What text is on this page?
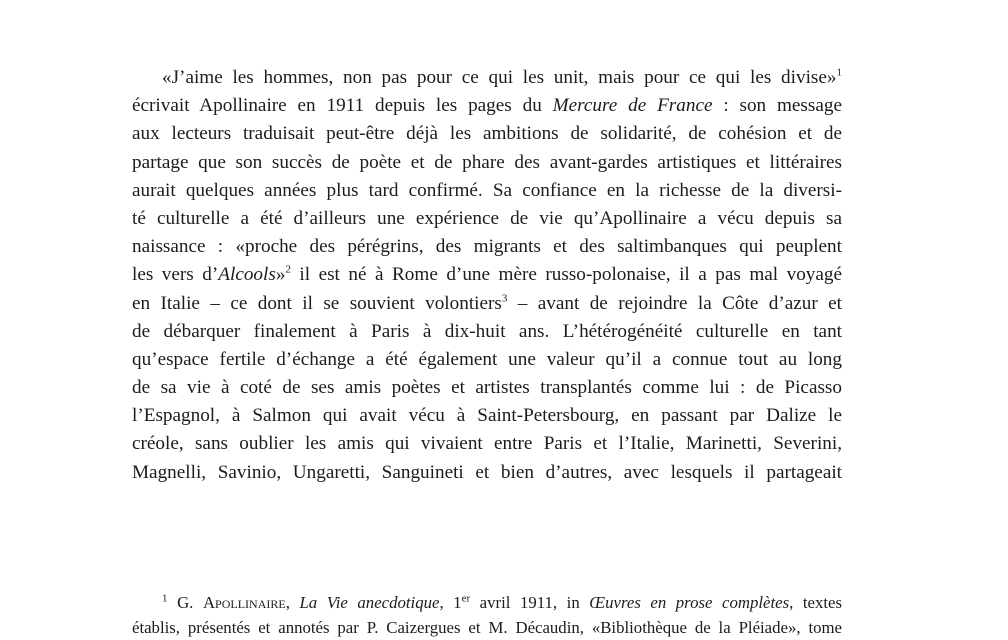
«J’aime les hommes, non pas pour ce qui les unit, mais pour ce qui les divise»$^1$
écrivait Apollinaire en 1911 depuis les pages du Mercure de France : son message
aux lecteurs traduisait peut-être déjà les ambitions de solidarité, de cohésion et de
partage que son succès de poète et de phare des avant-gardes artistiques et littéraires
aurait quelques années plus tard confirmé. Sa confiance en la richesse de la diversi-
té culturelle a été d’ailleurs une expérience de vie qu’Apollinaire a vécu depuis sa
naissance : «proche des pérégrins, des migrants et des saltimbanques qui peuplent
les vers d’Alcools»$^2$ il est né à Rome d’une mère russo-polonaise, il a pas mal voyagé
en Italie – ce dont il se souvient volontiers$^3$ – avant de rejoindre la Côte d’azur et
de débarquer finalement à Paris à dix-huit ans. L’hétérogénéité culturelle en tant
qu’espace fertile d’échange a été également une valeur qu’il a connue tout au long
de sa vie à coté de ses amis poètes et artistes transplantés comme lui : de Picasso
l’Espagnol, à Salmon qui avait vécu à Saint-Petersbourg, en passant par Dalize le
créole, sans oublier les amis qui vivaient entre Paris et l’Italie, Marinetti, Severini,
Magnelli, Savinio, Ungaretti, Sanguineti et bien d’autres, avec lesquels il partageait
$^1$ G. Apollinaire, La Vie anecdotique, 1er avril 1911, in Œuvres en prose complètes, textes
établis, présentés et annotés par P. Caizergues et M. Décaudin, «Bibliothèque de la Pléiade», tome
